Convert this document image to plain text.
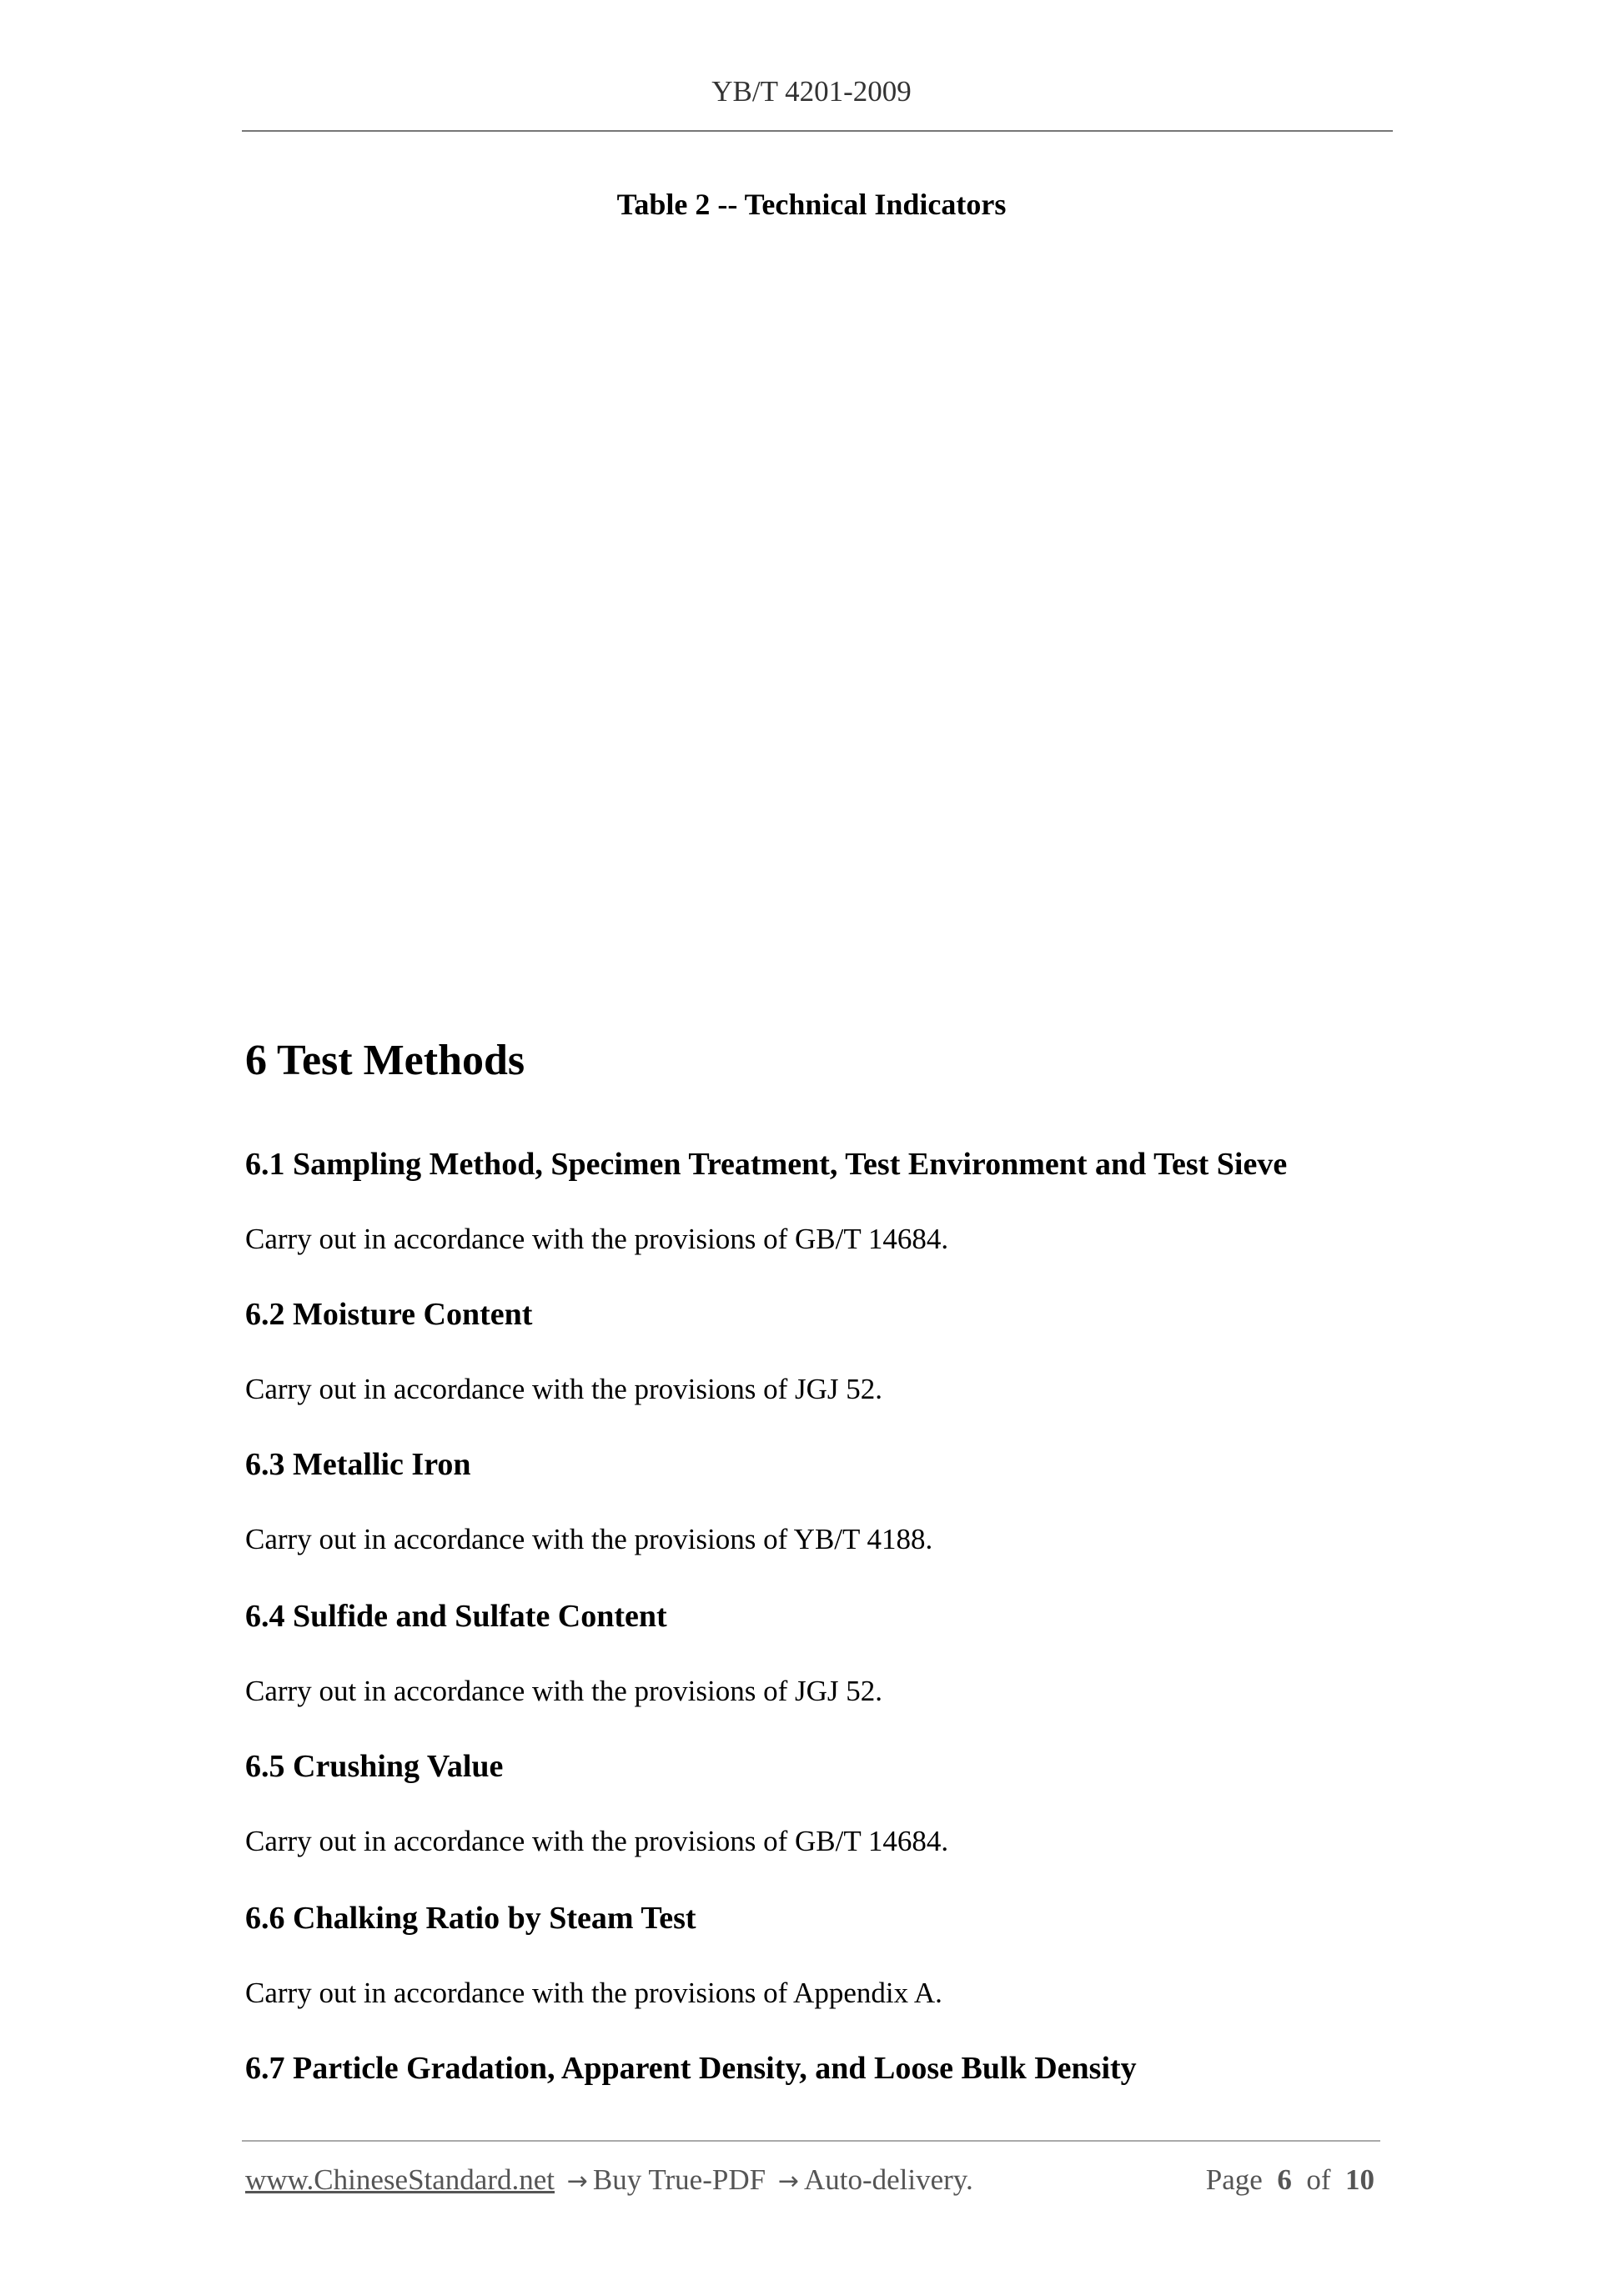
YB/T 4201-2009
Table 2 -- Technical Indicators
6 Test Methods
6.1 Sampling Method, Specimen Treatment, Test Environment and Test Sieve
Carry out in accordance with the provisions of GB/T 14684.
6.2 Moisture Content
Carry out in accordance with the provisions of JGJ 52.
6.3 Metallic Iron
Carry out in accordance with the provisions of YB/T 4188.
6.4 Sulfide and Sulfate Content
Carry out in accordance with the provisions of JGJ 52.
6.5 Crushing Value
Carry out in accordance with the provisions of GB/T 14684.
6.6 Chalking Ratio by Steam Test
Carry out in accordance with the provisions of Appendix A.
6.7 Particle Gradation, Apparent Density, and Loose Bulk Density
www.ChineseStandard.net → Buy True-PDF → Auto-delivery.	Page 6 of 10
